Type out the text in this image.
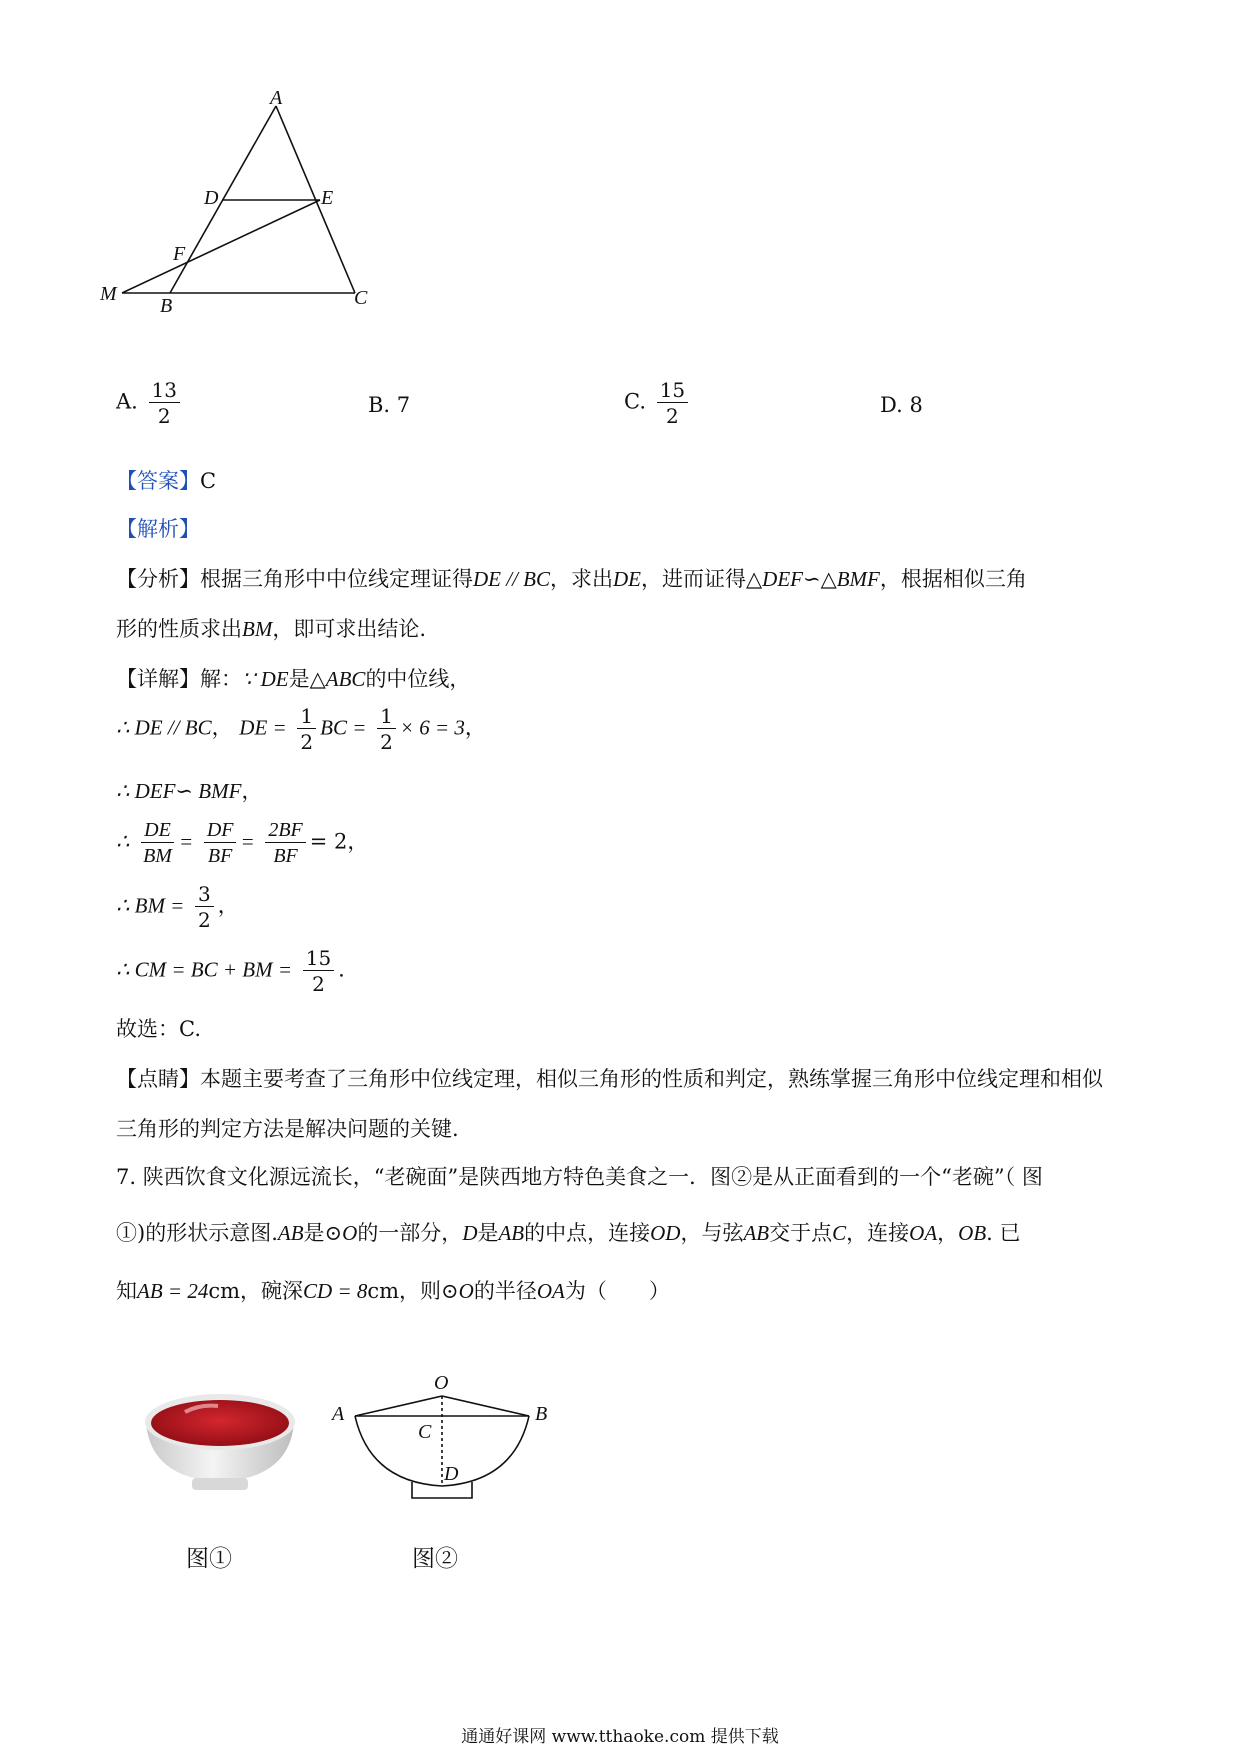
A
D	E
F
M
B	C
A. $\frac{13}{2}$	B. 7	C. $\frac{15}{2}$	D. 8
【答案】C
【解析】
【分析】根据三角形中中位线定理证得DE // BC，求出DE，进而证得△DEF∽△BMF，根据相似三角
形的性质求出BM，即可求出结论.
【详解】解：∵ DE是△ABC的中位线，
∴ DE // BC， DE = $\frac{1}{2}$ BC = $\frac{1}{2} \times 6 = 3$，
∴ DEF∽ BMF，
∴ $\frac{DE}{BM} = \frac{DF}{BF} = \frac{2BF}{BF} = 2$，
∴ BM = $\frac{3}{2}$ ，
∴ CM = BC + BM = $\frac{15}{2}$ .
故选：C.
【点睛】本题主要考查了三角形中位线定理，相似三角形的性质和判定，熟练掌握三角形中位线定理和相似
三角形的判定方法是解决问题的关键.
7. 陕西饮食文化源远流长，“老碗面”是陕西地方特色美食之一．图②是从正面看到的一个“老碗”（ 图
①)的形状示意图.AB是⊙O的一部分，D是AB的中点，连接OD，与弦AB交于点C，连接OA，OB. 已
知AB = 24cm，碗深CD = 8cm，则⊙O的半径OA为（　　）
O
A	B
C
D
图①	图②
通通好课网 www.tthaoke.com 提供下载
